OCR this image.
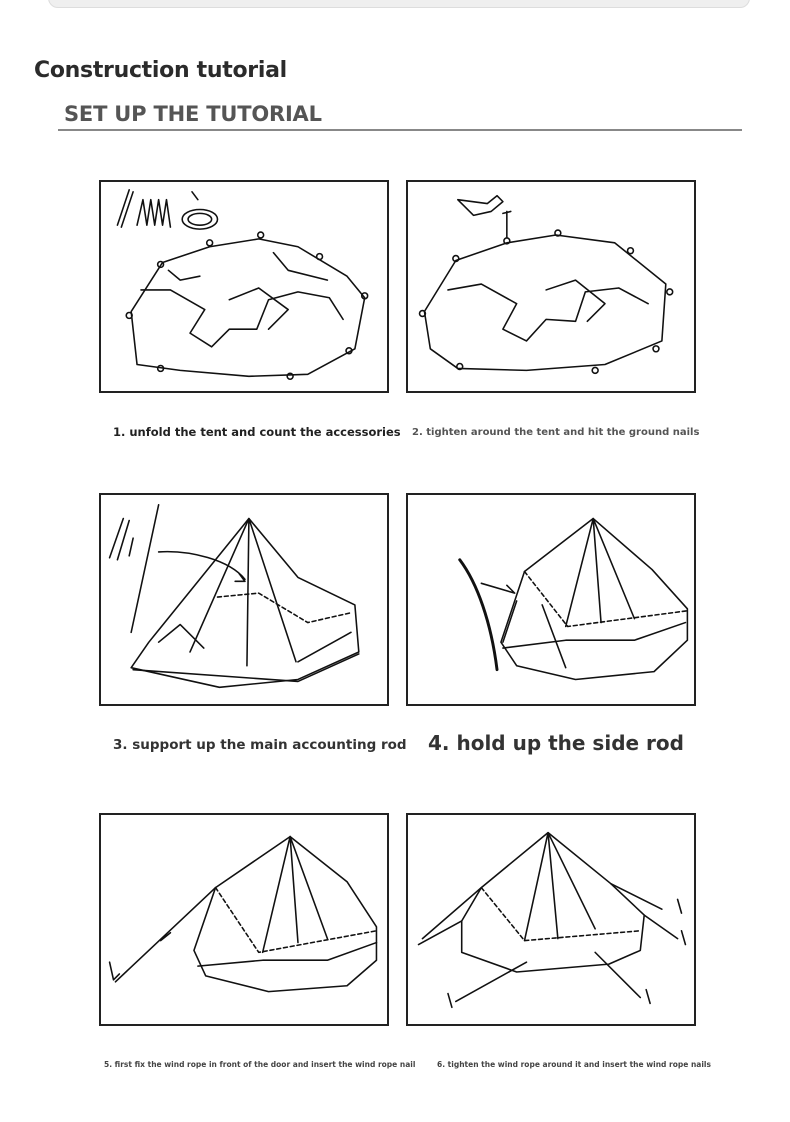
Construction tutorial
SET UP THE TUTORIAL
1. unfold the tent and count the accessories 2. tighten around the tent and hit the ground nails
3. support up the main accounting rod 4. hold up the side rod
5. first fix the wind rope in front of the door and insert the wind rope nail	6. tighten the wind rope around it and insert the wind rope nails
